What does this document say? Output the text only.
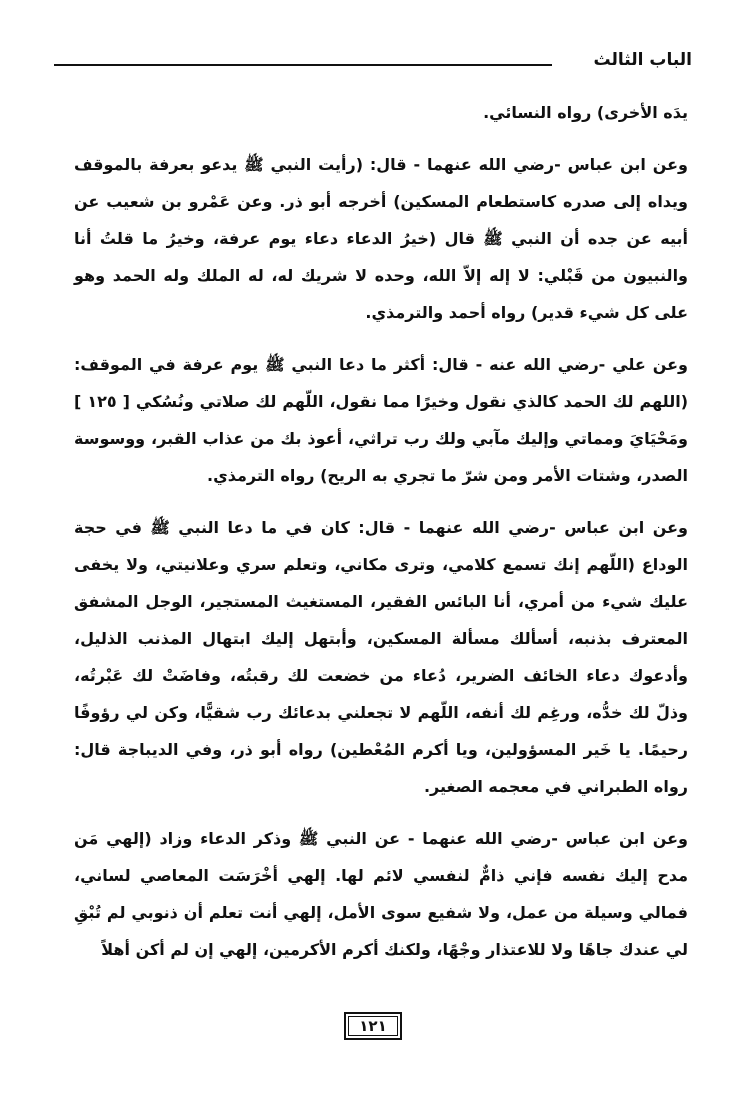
الباب الثالث

يدَه الأخرى) رواه النسائي.

وعن ابن عباس -رضي الله عنهما - قال: (رأيت النبي ﷺ يدعو بعرفة بالموقف ويداه إلى صدره كاستطعام المسكين) أخرجه أبو ذر. وعن عَمْرو بن شعيب عن أبيه عن جده أن النبي ﷺ قال (خيرُ الدعاء دعاء يوم عرفة، وخيرُ ما قلتُ أنا والنبيون من قَبْلي: لا إله إلاّ الله، وحده لا شريك له، له الملك وله الحمد وهو على كل شيء قدير) رواه أحمد والترمذي.

وعن علي -رضي الله عنه - قال: أكثر ما دعا النبي ﷺ يوم عرفة في الموقف: (اللهم لك الحمد كالذي نقول وخيرًا مما نقول، اللّهم لك صلاتي ونُسُكي [ ١٢٥ ] ومَحْيَايَ ومماتي وإليك مآبي ولك رب تراثي، أعوذ بك من عذاب القبر، ووسوسة الصدر، وشتات الأمر ومن شرّ ما تجري به الريح) رواه الترمذي.

وعن ابن عباس -رضي الله عنهما - قال: كان في ما دعا النبي ﷺ في حجة الوداع (اللّهم إنك تسمع كلامي، وترى مكاني، وتعلم سري وعلانيتي، ولا يخفى عليك شيء من أمري، أنا البائس الفقير، المستغيث المستجير، الوجل المشفق المعترف بذنبه، أسألك مسألة المسكين، وأبتهل إليك ابتهال المذنب الذليل، وأدعوك دعاء الخائف الضرير، دُعاء من خضعت لك رقبتُه، وفاضَتْ لك عَبْرتُه، وذلّ لك خدُّه، ورغِم لك أنفه، اللّهم لا تجعلني بدعائك رب شقيًّا، وكن لي رؤوفًا رحيمًا. يا خَير المسؤولين، ويا أكرم المُعْطين) رواه أبو ذر، وفي الديباجة قال: رواه الطبراني في معجمه الصغير.

وعن ابن عباس -رضي الله عنهما - عن النبي ﷺ وذكر الدعاء وزاد (إلهي مَن مدح إليك نفسه فإني ذامٌّ لنفسي لائم لها. إلهي أخْرَسَت المعاصي لساني، فمالي وسيلة من عمل، ولا شفيع سوى الأمل، إلهي أنت تعلم أن ذنوبي لم تُبْقِ لي عندك جاهًا ولا للاعتذار وجْهًا، ولكنك أكرم الأكرمين، إلهي إن لم أكن أهلاً

١٢١
